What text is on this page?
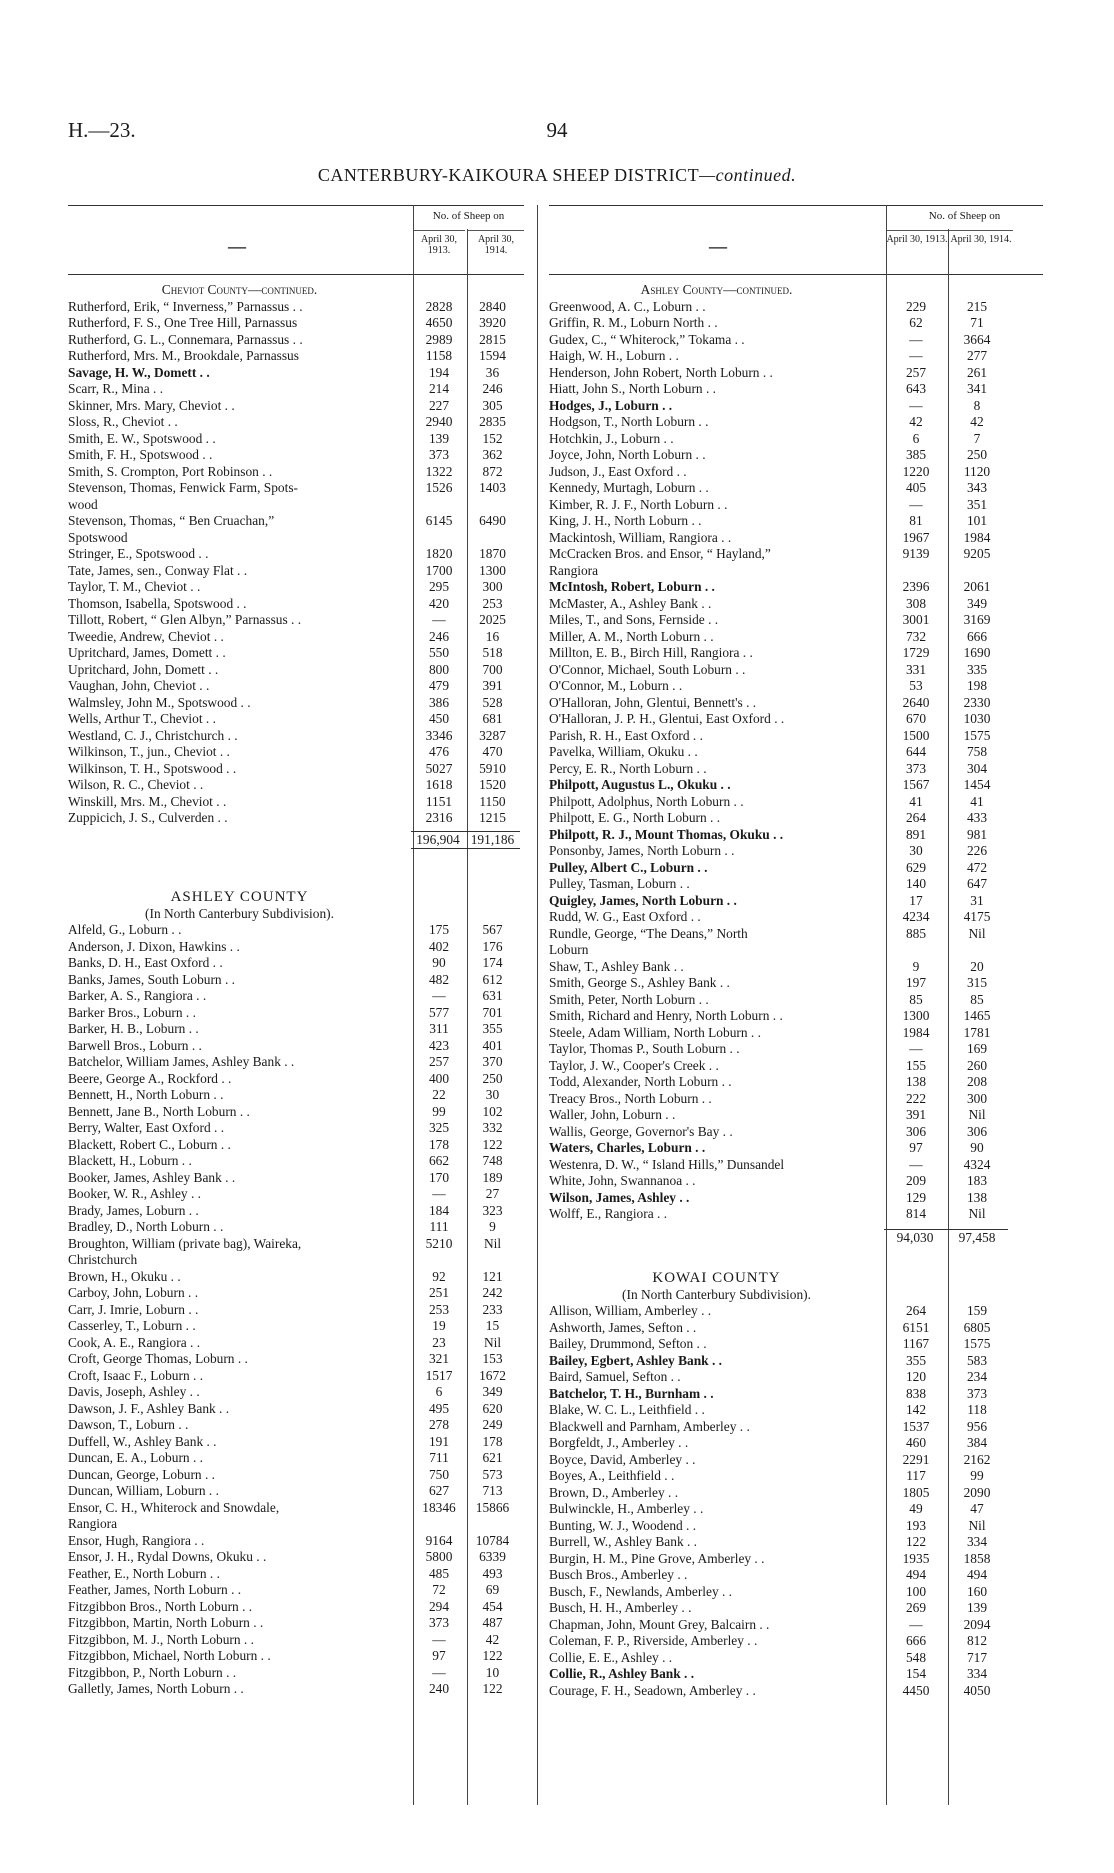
H.—23.	94
CANTERBURY-KAIKOURA SHEEP DISTRICT—continued.
—
No. of Sheep on
April 30, 1913.
April 30, 1914.
Cheviot County—continued.
Rutherford, Erik, “ Inverness,” Parnassus . .	2828	2840
Rutherford, F. S., One Tree Hill, Parnassus	4650	3920
Rutherford, G. L., Connemara, Parnassus . .	2989	2815
Rutherford, Mrs. M., Brookdale, Parnassus	1158	1594
Savage, H. W., Domett . .	194	36
Scarr, R., Mina . .	214	246
Skinner, Mrs. Mary, Cheviot . .	227	305
Sloss, R., Cheviot . .	2940	2835
Smith, E. W., Spotswood . .	139	152
Smith, F. H., Spotswood . .	373	362
Smith, S. Crompton, Port Robinson . .	1322	872
Stevenson, Thomas, Fenwick Farm, Spots-	1526	1403
wood
Stevenson, Thomas, “ Ben Cruachan,”	6145	6490
Spotswood
Stringer, E., Spotswood . .	1820	1870
Tate, James, sen., Conway Flat . .	1700	1300
Taylor, T. M., Cheviot . .	295	300
Thomson, Isabella, Spotswood . .	420	253
Tillott, Robert, “ Glen Albyn,” Parnassus . .	—	2025
Tweedie, Andrew, Cheviot . .	246	16
Upritchard, James, Domett . .	550	518
Upritchard, John, Domett . .	800	700
Vaughan, John, Cheviot . .	479	391
Walmsley, John M., Spotswood . .	386	528
Wells, Arthur T., Cheviot . .	450	681
Westland, C. J., Christchurch . .	3346	3287
Wilkinson, T., jun., Cheviot . .	476	470
Wilkinson, T. H., Spotswood . .	5027	5910
Wilson, R. C., Cheviot . .	1618	1520
Winskill, Mrs. M., Cheviot . .	1151	1150
Zuppicich, J. S., Culverden . .	2316	1215
196,904 191,186
ASHLEY COUNTY
(In North Canterbury Subdivision).
Alfeld, G., Loburn . .	175	567
Anderson, J. Dixon, Hawkins . .	402	176
Banks, D. H., East Oxford . .	90	174
Banks, James, South Loburn . .	482	612
Barker, A. S., Rangiora . .	—	631
Barker Bros., Loburn . .	577	701
Barker, H. B., Loburn . .	311	355
Barwell Bros., Loburn . .	423	401
Batchelor, William James, Ashley Bank . .	257	370
Beere, George A., Rockford . .	400	250
Bennett, H., North Loburn . .	22	30
Bennett, Jane B., North Loburn . .	99	102
Berry, Walter, East Oxford . .	325	332
Blackett, Robert C., Loburn . .	178	122
Blackett, H., Loburn . .	662	748
Booker, James, Ashley Bank . .	170	189
Booker, W. R., Ashley . .	—	27
Brady, James, Loburn . .	184	323
Bradley, D., North Loburn . .	111	9
Broughton, William (private bag), Waireka,	5210	Nil
Christchurch
Brown, H., Okuku . .	92	121
Carboy, John, Loburn . .	251	242
Carr, J. Imrie, Loburn . .	253	233
Casserley, T., Loburn . .	19	15
Cook, A. E., Rangiora . .	23	Nil
Croft, George Thomas, Loburn . .	321	153
Croft, Isaac F., Loburn . .	1517	1672
Davis, Joseph, Ashley . .	6	349
Dawson, J. F., Ashley Bank . .	495	620
Dawson, T., Loburn . .	278	249
Duffell, W., Ashley Bank . .	191	178
Duncan, E. A., Loburn . .	711	621
Duncan, George, Loburn . .	750	573
Duncan, William, Loburn . .	627	713
Ensor, C. H., Whiterock and Snowdale,	18346	15866
Rangiora
Ensor, Hugh, Rangiora . .	9164	10784
Ensor, J. H., Rydal Downs, Okuku . .	5800	6339
Feather, E., North Loburn . .	485	493
Feather, James, North Loburn . .	72	69
Fitzgibbon Bros., North Loburn . .	294	454
Fitzgibbon, Martin, North Loburn . .	373	487
Fitzgibbon, M. J., North Loburn . .	—	42
Fitzgibbon, Michael, North Loburn . .	97	122
Fitzgibbon, P., North Loburn . .	—	10
Galletly, James, North Loburn . .	240	122
—
No. of Sheep on
April 30, 1913. April 30, 1914.
Ashley County—continued.
Greenwood, A. C., Loburn . .	229	215
Griffin, R. M., Loburn North . .	62	71
Gudex, C., “ Whiterock,” Tokama . .	—	3664
Haigh, W. H., Loburn . .	—	277
Henderson, John Robert, North Loburn . .	257	261
Hiatt, John S., North Loburn . .	643	341
Hodges, J., Loburn . .	—	8
Hodgson, T., North Loburn . .	42	42
Hotchkin, J., Loburn . .	6	7
Joyce, John, North Loburn . .	385	250
Judson, J., East Oxford . .	1220	1120
Kennedy, Murtagh, Loburn . .	405	343
Kimber, R. J. F., North Loburn . .	—	351
King, J. H., North Loburn . .	81	101
Mackintosh, William, Rangiora . .	1967	1984
McCracken Bros. and Ensor, “ Hayland,”	9139	9205
Rangiora
McIntosh, Robert, Loburn . .	2396	2061
McMaster, A., Ashley Bank . .	308	349
Miles, T., and Sons, Fernside . .	3001	3169
Miller, A. M., North Loburn . .	732	666
Millton, E. B., Birch Hill, Rangiora . .	1729	1690
O'Connor, Michael, South Loburn . .	331	335
O'Connor, M., Loburn . .	53	198
O'Halloran, John, Glentui, Bennett's . .	2640	2330
O'Halloran, J. P. H., Glentui, East Oxford . .	670	1030
Parish, R. H., East Oxford . .	1500	1575
Pavelka, William, Okuku . .	644	758
Percy, E. R., North Loburn . .	373	304
Philpott, Augustus L., Okuku . .	1567	1454
Philpott, Adolphus, North Loburn . .	41	41
Philpott, E. G., North Loburn . .	264	433
Philpott, R. J., Mount Thomas, Okuku . .	891	981
Ponsonby, James, North Loburn . .	30	226
Pulley, Albert C., Loburn . .	629	472
Pulley, Tasman, Loburn . .	140	647
Quigley, James, North Loburn . .	17	31
Rudd, W. G., East Oxford . .	4234	4175
Rundle, George, “The Deans,” North	885	Nil
Loburn
Shaw, T., Ashley Bank . .	9	20
Smith, George S., Ashley Bank . .	197	315
Smith, Peter, North Loburn . .	85	85
Smith, Richard and Henry, North Loburn . .	1300	1465
Steele, Adam William, North Loburn . .	1984	1781
Taylor, Thomas P., South Loburn . .	—	169
Taylor, J. W., Cooper's Creek . .	155	260
Todd, Alexander, North Loburn . .	138	208
Treacy Bros., North Loburn . .	222	300
Waller, John, Loburn . .	391	Nil
Wallis, George, Governor's Bay . .	306	306
Waters, Charles, Loburn . .	97	90
Westenra, D. W., “ Island Hills,” Dunsandel	—	4324
White, John, Swannanoa . .	209	183
Wilson, James, Ashley . .	129	138
Wolff, E., Rangiora . .	814	Nil
94,030	97,458
KOWAI COUNTY
(In North Canterbury Subdivision).
Allison, William, Amberley . .	264	159
Ashworth, James, Sefton . .	6151	6805
Bailey, Drummond, Sefton . .	1167	1575
Bailey, Egbert, Ashley Bank . .	355	583
Baird, Samuel, Sefton . .	120	234
Batchelor, T. H., Burnham . .	838	373
Blake, W. C. L., Leithfield . .	142	118
Blackwell and Parnham, Amberley . .	1537	956
Borgfeldt, J., Amberley . .	460	384
Boyce, David, Amberley . .	2291	2162
Boyes, A., Leithfield . .	117	99
Brown, D., Amberley . .	1805	2090
Bulwinckle, H., Amberley . .	49	47
Bunting, W. J., Woodend . .	193	Nil
Burrell, W., Ashley Bank . .	122	334
Burgin, H. M., Pine Grove, Amberley . .	1935	1858
Busch Bros., Amberley . .	494	494
Busch, F., Newlands, Amberley . .	100	160
Busch, H. H., Amberley . .	269	139
Chapman, John, Mount Grey, Balcairn . .	—	2094
Coleman, F. P., Riverside, Amberley . .	666	812
Collie, E. E., Ashley . .	548	717
Collie, R., Ashley Bank . .	154	334
Courage, F. H., Seadown, Amberley . .	4450	4050
